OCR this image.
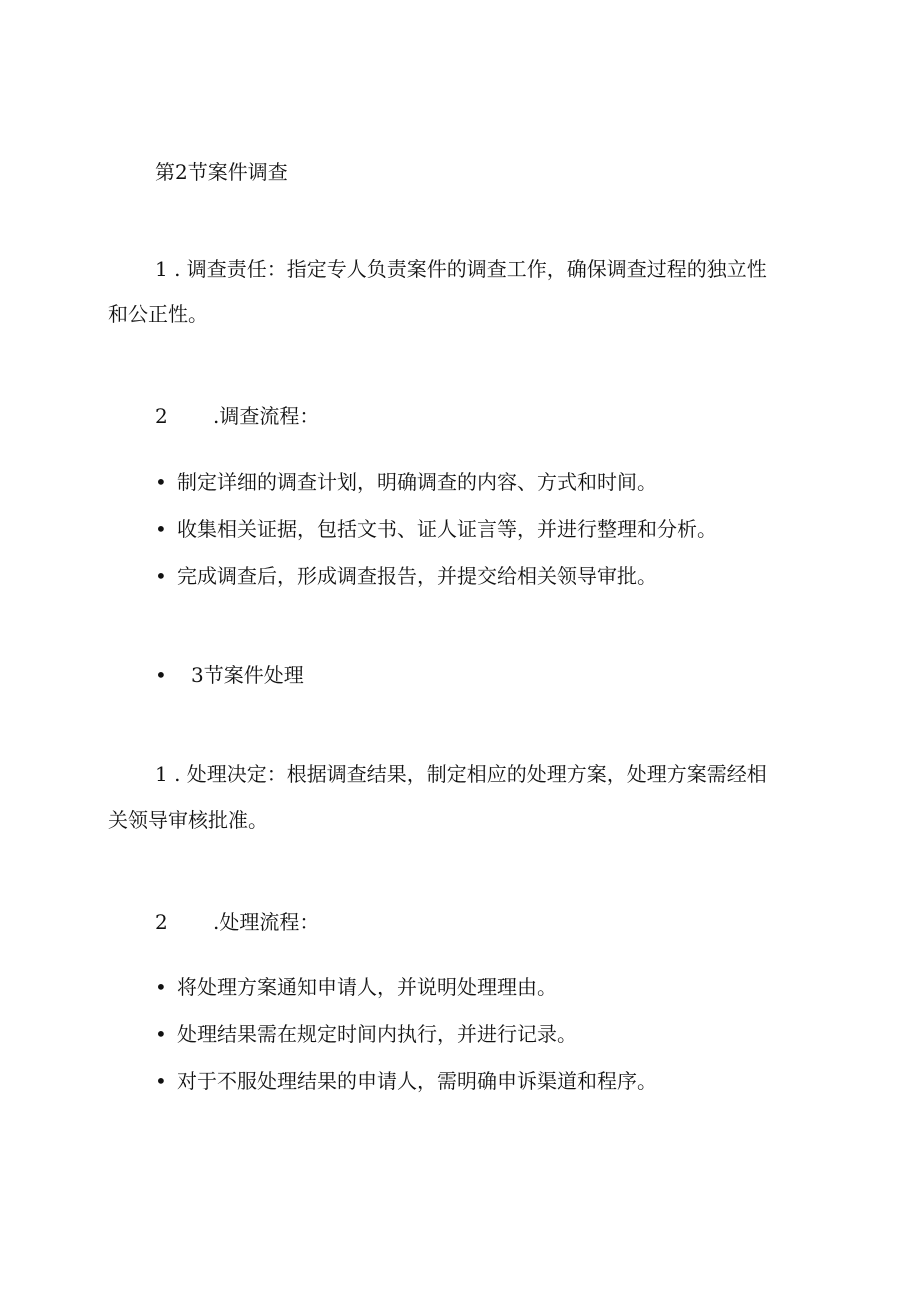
第2节案件调查
1 . 调查责任：指定专人负责案件的调查工作，确保调查过程的独立性
和公正性。
2 .调查流程：
• 制定详细的调查计划，明确调查的内容、方式和时间。
• 收集相关证据，包括文书、证人证言等，并进行整理和分析。
• 完成调查后，形成调查报告，并提交给相关领导审批。
• 3节案件处理
1 . 处理决定：根据调查结果，制定相应的处理方案，处理方案需经相
关领导审核批准。
2 .处理流程：
• 将处理方案通知申请人，并说明处理理由。
• 处理结果需在规定时间内执行，并进行记录。
• 对于不服处理结果的申请人，需明确申诉渠道和程序。
